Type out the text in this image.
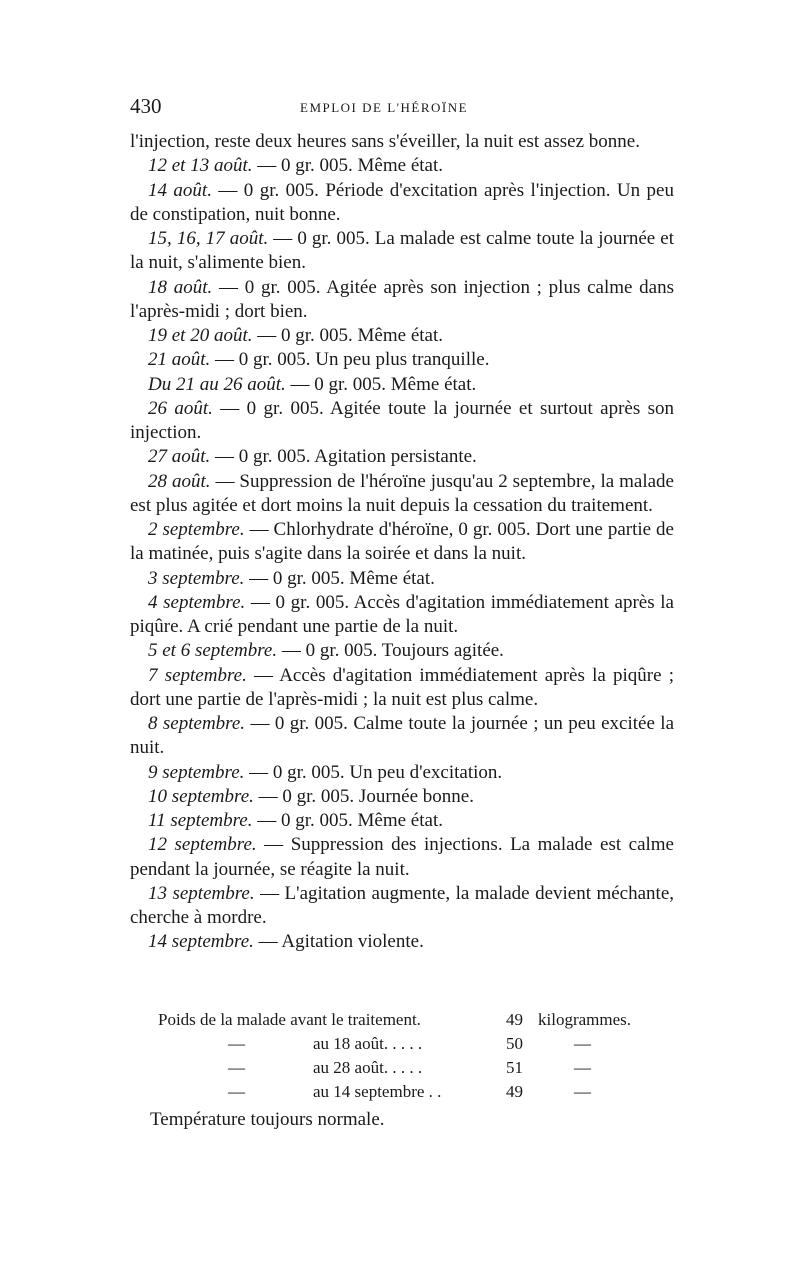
430	EMPLOI DE L'HÉROÏNE

l'injection, reste deux heures sans s'éveiller, la nuit est assez bonne.

12 et 13 août. — 0 gr. 005. Même état.

14 août. — 0 gr. 005. Période d'excitation après l'injection. Un peu de constipation, nuit bonne.

15, 16, 17 août. — 0 gr. 005. La malade est calme toute la journée et la nuit, s'alimente bien.

18 août. — 0 gr. 005. Agitée après son injection ; plus calme dans l'après-midi ; dort bien.

19 et 20 août. — 0 gr. 005. Même état.

21 août. — 0 gr. 005. Un peu plus tranquille.

Du 21 au 26 août. — 0 gr. 005. Même état.

26 août. — 0 gr. 005. Agitée toute la journée et surtout après son injection.

27 août. — 0 gr. 005. Agitation persistante.

28 août. — Suppression de l'héroïne jusqu'au 2 septembre, la malade est plus agitée et dort moins la nuit depuis la cessation du traitement.

2 septembre. — Chlorhydrate d'héroïne, 0 gr. 005. Dort une partie de la matinée, puis s'agite dans la soirée et dans la nuit.

3 septembre. — 0 gr. 005. Même état.

4 septembre. — 0 gr. 005. Accès d'agitation immédiatement après la piqûre. A crié pendant une partie de la nuit.

5 et 6 septembre. — 0 gr. 005. Toujours agitée.

7 septembre. — Accès d'agitation immédiatement après la piqûre ; dort une partie de l'après-midi ; la nuit est plus calme.

8 septembre. — 0 gr. 005. Calme toute la journée ; un peu excitée la nuit.

9 septembre. — 0 gr. 005. Un peu d'excitation.

10 septembre. — 0 gr. 005. Journée bonne.

11 septembre. — 0 gr. 005. Même état.

12 septembre. — Suppression des injections. La malade est calme pendant la journée, se réagite la nuit.

13 septembre. — L'agitation augmente, la malade devient méchante, cherche à mordre.

14 septembre. — Agitation violente.

Poids de la malade avant le traitement.	49 kilogrammes.
—	au 18 août. . . . .	50	—
—	au 28 août. . . . .	51	—
—	au 14 septembre . .	49	—
Température toujours normale.
